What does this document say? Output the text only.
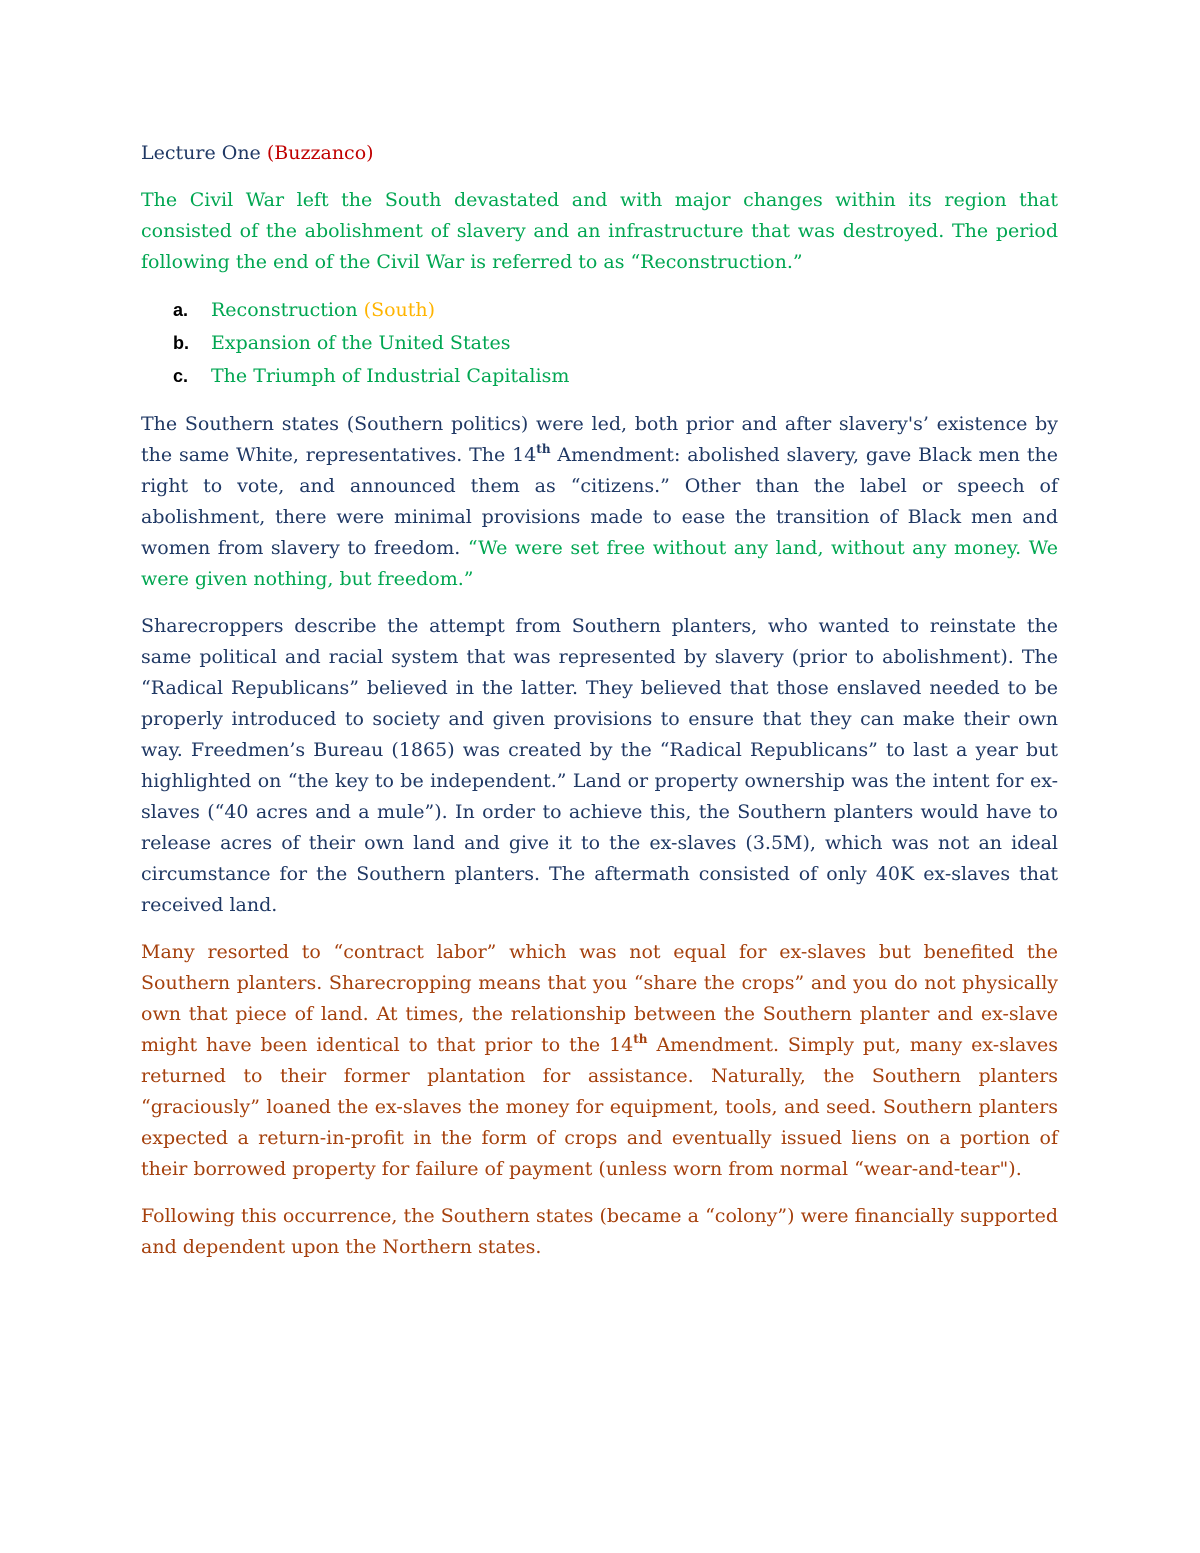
Lecture One (Buzzanco)

The Civil War left the South devastated and with major changes within its region that consisted of the abolishment of slavery and an infrastructure that was destroyed. The period following the end of the Civil War is referred to as “Reconstruction.”

a. Reconstruction (South)
b. Expansion of the United States
c. The Triumph of Industrial Capitalism

The Southern states (Southern politics) were led, both prior and after slavery's’ existence by the same White, representatives. The 14th Amendment: abolished slavery, gave Black men the right to vote, and announced them as “citizens.” Other than the label or speech of abolishment, there were minimal provisions made to ease the transition of Black men and women from slavery to freedom. “We were set free without any land, without any money. We were given nothing, but freedom.”

Sharecroppers describe the attempt from Southern planters, who wanted to reinstate the same political and racial system that was represented by slavery (prior to abolishment). The “Radical Republicans” believed in the latter. They believed that those enslaved needed to be properly introduced to society and given provisions to ensure that they can make their own way. Freedmen’s Bureau (1865) was created by the “Radical Republicans” to last a year but highlighted on “the key to be independent.” Land or property ownership was the intent for ex-slaves (“40 acres and a mule”). In order to achieve this, the Southern planters would have to release acres of their own land and give it to the ex-slaves (3.5M), which was not an ideal circumstance for the Southern planters. The aftermath consisted of only 40K ex-slaves that received land.

Many resorted to “contract labor” which was not equal for ex-slaves but benefited the Southern planters. Sharecropping means that you “share the crops” and you do not physically own that piece of land. At times, the relationship between the Southern planter and ex-slave might have been identical to that prior to the 14th Amendment. Simply put, many ex-slaves returned to their former plantation for assistance. Naturally, the Southern planters “graciously” loaned the ex-slaves the money for equipment, tools, and seed. Southern planters expected a return-in-profit in the form of crops and eventually issued liens on a portion of their borrowed property for failure of payment (unless worn from normal “wear-and-tear").

Following this occurrence, the Southern states (became a “colony”) were financially supported and dependent upon the Northern states.
